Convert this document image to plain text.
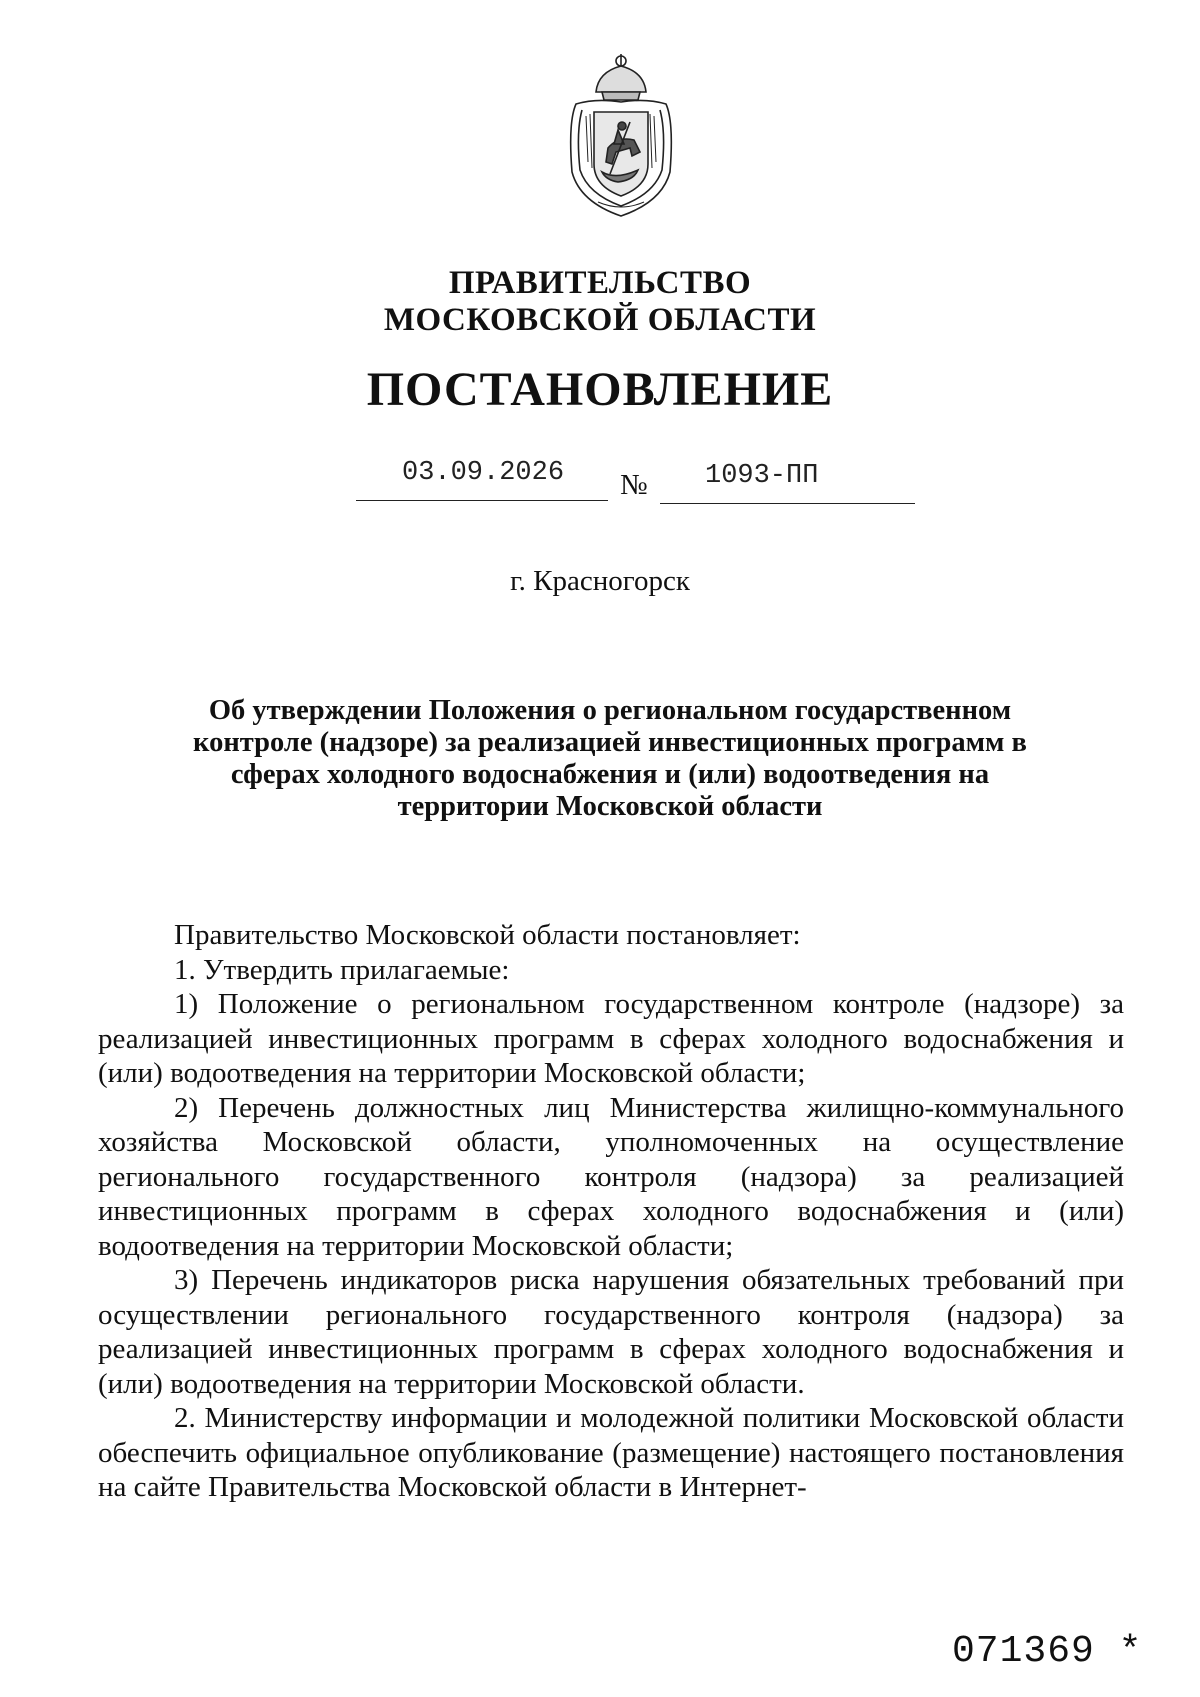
ПРАВИТЕЛЬСТВО
МОСКОВСКОЙ ОБЛАСТИ
ПОСТАНОВЛЕНИЕ
03.09.2026 № 1093-ПП
г. Красногорск
Об утверждении Положения о региональном государственном контроле (надзоре) за реализацией инвестиционных программ в сферах холодного водоснабжения и (или) водоотведения на территории Московской области

Правительство Московской области постановляет:

1. Утвердить прилагаемые:

1) Положение о региональном государственном контроле (надзоре) за реализацией инвестиционных программ в сферах холодного водоснабжения и (или) водоотведения на территории Московской области;

2) Перечень должностных лиц Министерства жилищно-коммунального хозяйства Московской области, уполномоченных на осуществление регионального государственного контроля (надзора) за реализацией инвестиционных программ в сферах холодного водоснабжения и (или) водоотведения на территории Московской области;

3) Перечень индикаторов риска нарушения обязательных требований при осуществлении регионального государственного контроля (надзора) за реализацией инвестиционных программ в сферах холодного водоснабжения и (или) водоотведения на территории Московской области.

2. Министерству информации и молодежной политики Московской области обеспечить официальное опубликование (размещение) настоящего постановления на сайте Правительства Московской области в Интернет-

071369 *
